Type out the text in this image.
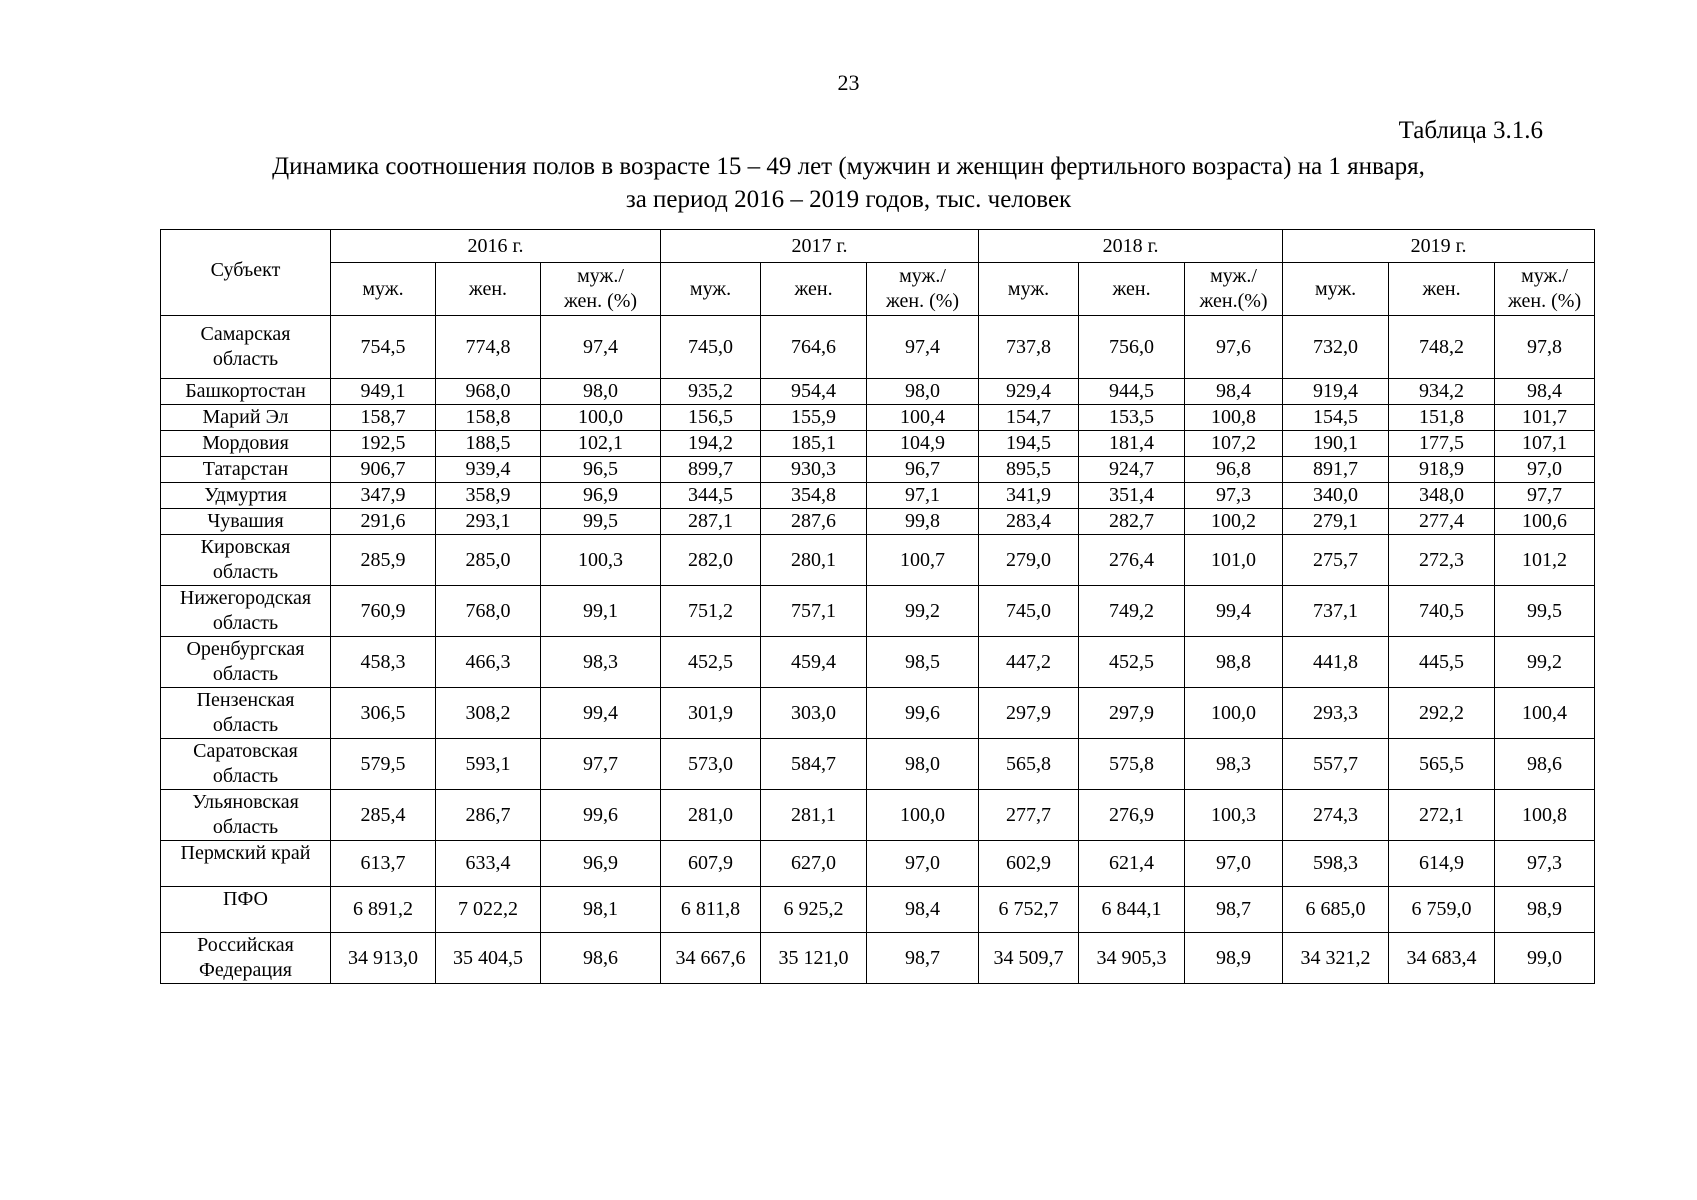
23
Таблица 3.1.6
Динамика соотношения полов в возрасте 15 – 49 лет (мужчин и женщин фертильного возраста) на 1 января,
за период 2016 – 2019 годов, тыс. человек
Субъект	2016 г.			2017 г.			2018 г.			2019 г.		
	муж.	жен.	муж./
жен. (%)	муж.	жен.	муж./
жен. (%)	муж.	жен.	муж./
жен.(%)	муж.	жен.	муж./
жен. (%)
Самарская
область	754,5	774,8	97,4	745,0	764,6	97,4	737,8	756,0	97,6	732,0	748,2	97,8
Башкортостан	949,1	968,0	98,0	935,2	954,4	98,0	929,4	944,5	98,4	919,4	934,2	98,4
Марий Эл	158,7	158,8	100,0	156,5	155,9	100,4	154,7	153,5	100,8	154,5	151,8	101,7
Мордовия	192,5	188,5	102,1	194,2	185,1	104,9	194,5	181,4	107,2	190,1	177,5	107,1
Татарстан	906,7	939,4	96,5	899,7	930,3	96,7	895,5	924,7	96,8	891,7	918,9	97,0
Удмуртия	347,9	358,9	96,9	344,5	354,8	97,1	341,9	351,4	97,3	340,0	348,0	97,7
Чувашия	291,6	293,1	99,5	287,1	287,6	99,8	283,4	282,7	100,2	279,1	277,4	100,6
Кировская
область	285,9	285,0	100,3	282,0	280,1	100,7	279,0	276,4	101,0	275,7	272,3	101,2
Нижегородская
область	760,9	768,0	99,1	751,2	757,1	99,2	745,0	749,2	99,4	737,1	740,5	99,5
Оренбургская
область	458,3	466,3	98,3	452,5	459,4	98,5	447,2	452,5	98,8	441,8	445,5	99,2
Пензенская
область	306,5	308,2	99,4	301,9	303,0	99,6	297,9	297,9	100,0	293,3	292,2	100,4
Саратовская
область	579,5	593,1	97,7	573,0	584,7	98,0	565,8	575,8	98,3	557,7	565,5	98,6
Ульяновская
область	285,4	286,7	99,6	281,0	281,1	100,0	277,7	276,9	100,3	274,3	272,1	100,8
Пермский край	613,7	633,4	96,9	607,9	627,0	97,0	602,9	621,4	97,0	598,3	614,9	97,3
ПФО	6 891,2	7 022,2	98,1	6 811,8	6 925,2	98,4	6 752,7	6 844,1	98,7	6 685,0	6 759,0	98,9
Российская
Федерация	34 913,0	35 404,5	98,6	34 667,6	35 121,0	98,7	34 509,7	34 905,3	98,9	34 321,2	34 683,4	99,0
